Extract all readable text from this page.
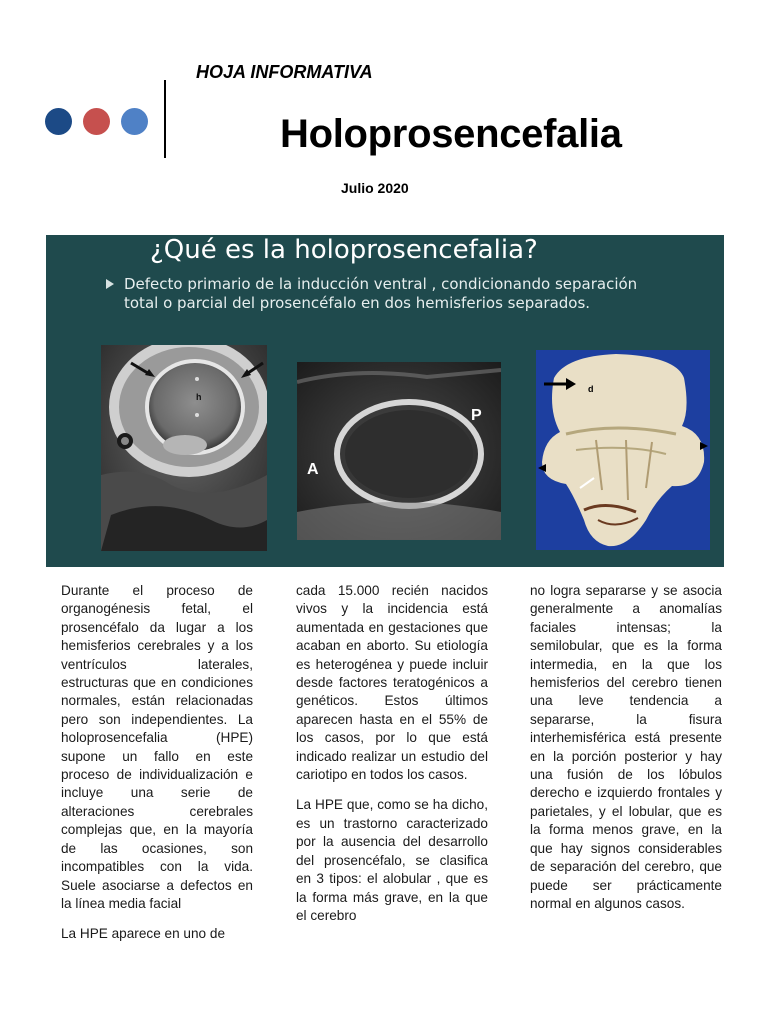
HOJA INFORMATIVA
Holoprosencefalia
Julio 2020
¿Qué es la holoprosencefalia?
Defecto primario de la inducción ventral , condicionando separación total o parcial del prosencéfalo en dos hemisferios separados.
h
A
P
d

Durante el proceso de organogénesis fetal, el prosencéfalo da lugar a los hemisferios cerebrales y a los ventrículos laterales, estructuras que en condiciones normales, están relacionadas pero son independientes. La holoprosencefalia (HPE) supone un fallo en este proceso de individualización e incluye una serie de alteraciones cerebrales complejas que, en la mayoría de las ocasiones, son incompatibles con la vida. Suele asociarse a defectos en la línea media facial

La HPE aparece en uno de

cada 15.000 recién nacidos vivos y la incidencia está aumentada en gestaciones que acaban en aborto. Su etiología es heterogénea y puede incluir desde factores teratogénicos a genéticos. Estos últimos aparecen hasta en el 55% de los casos, por lo que está indicado realizar un estudio del cariotipo en todos los casos.

La HPE que, como se ha dicho, es un trastorno caracterizado por la ausencia del desarrollo del prosencéfalo, se clasifica en 3 tipos: el alobular , que es la forma más grave, en la que el cerebro

no logra separarse y se asocia generalmente a anomalías faciales intensas; la semilobular, que es la forma intermedia, en la que los hemisferios del cerebro tienen una leve tendencia a separarse, la fisura interhemisférica está presente en la porción posterior y hay una fusión de los lóbulos derecho e izquierdo frontales y parietales, y el lobular, que es la forma menos grave, en la que hay signos considerables de separación del cerebro, que puede ser prácticamente normal en algunos casos.
